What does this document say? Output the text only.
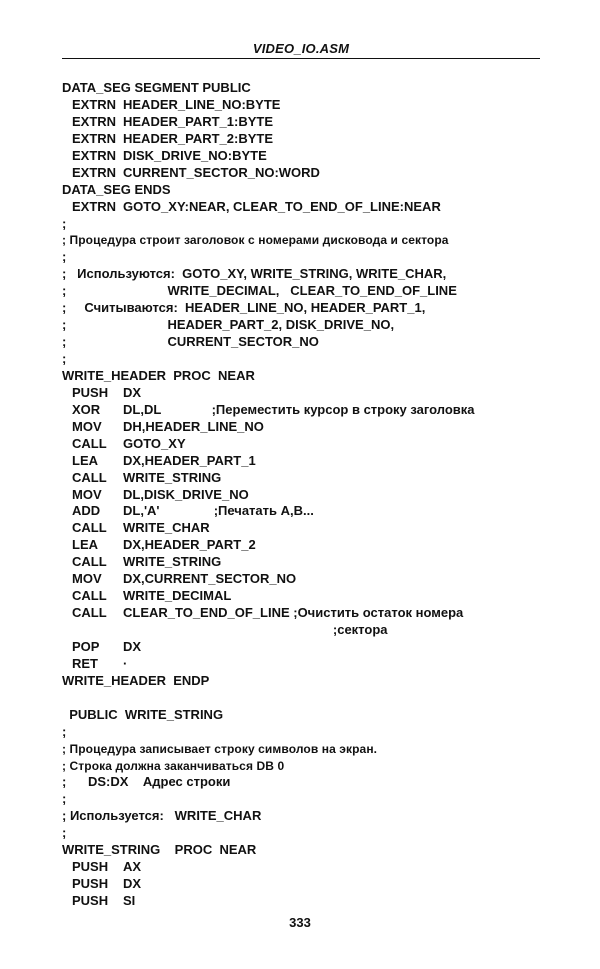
VIDEO_IO.ASM
DATA_SEG SEGMENT PUBLIC
EXTRN HEADER_LINE_NO:BYTE
EXTRN HEADER_PART_1:BYTE
EXTRN HEADER_PART_2:BYTE
EXTRN DISK_DRIVE_NO:BYTE
EXTRN CURRENT_SECTOR_NO:WORD
DATA_SEG ENDS
EXTRN GOTO_XY:NEAR, CLEAR_TO_END_OF_LINE:NEAR
;
; Процедура строит заголовок с номерами дисковода и сектора
;
;   Используются:  GOTO_XY, WRITE_STRING, WRITE_CHAR,
;                            WRITE_DECIMAL,   CLEAR_TO_END_OF_LINE
;     Считываются:  HEADER_LINE_NO, HEADER_PART_1,
;                            HEADER_PART_2, DISK_DRIVE_NO,
;                            CURRENT_SECTOR_NO
;
WRITE_HEADER  PROC  NEAR
PUSH DX
XOR DL,DL              ;Переместить курсор в строку заголовка
MOV DH,HEADER_LINE_NO
CALL GOTO_XY
LEA DX,HEADER_PART_1
CALL WRITE_STRING
MOV DL,DISK_DRIVE_NO
ADD DL,'A'               ;Печатать A,B...
CALL WRITE_CHAR
LEA DX,HEADER_PART_2
CALL WRITE_STRING
MOV DX,CURRENT_SECTOR_NO
CALL WRITE_DECIMAL
CALL CLEAR_TO_END_OF_LINE ;Очистить остаток номера
;сектора
POP DX
RET ·
WRITE_HEADER  ENDP
PUBLIC  WRITE_STRING
;
; Процедура записывает строку символов на экран.
; Строка должна заканчиваться DB 0
;      DS:DX    Адрес строки
;
; Используется:   WRITE_CHAR
;
WRITE_STRING    PROC  NEAR
PUSH AX
PUSH DX
PUSH SI
333
